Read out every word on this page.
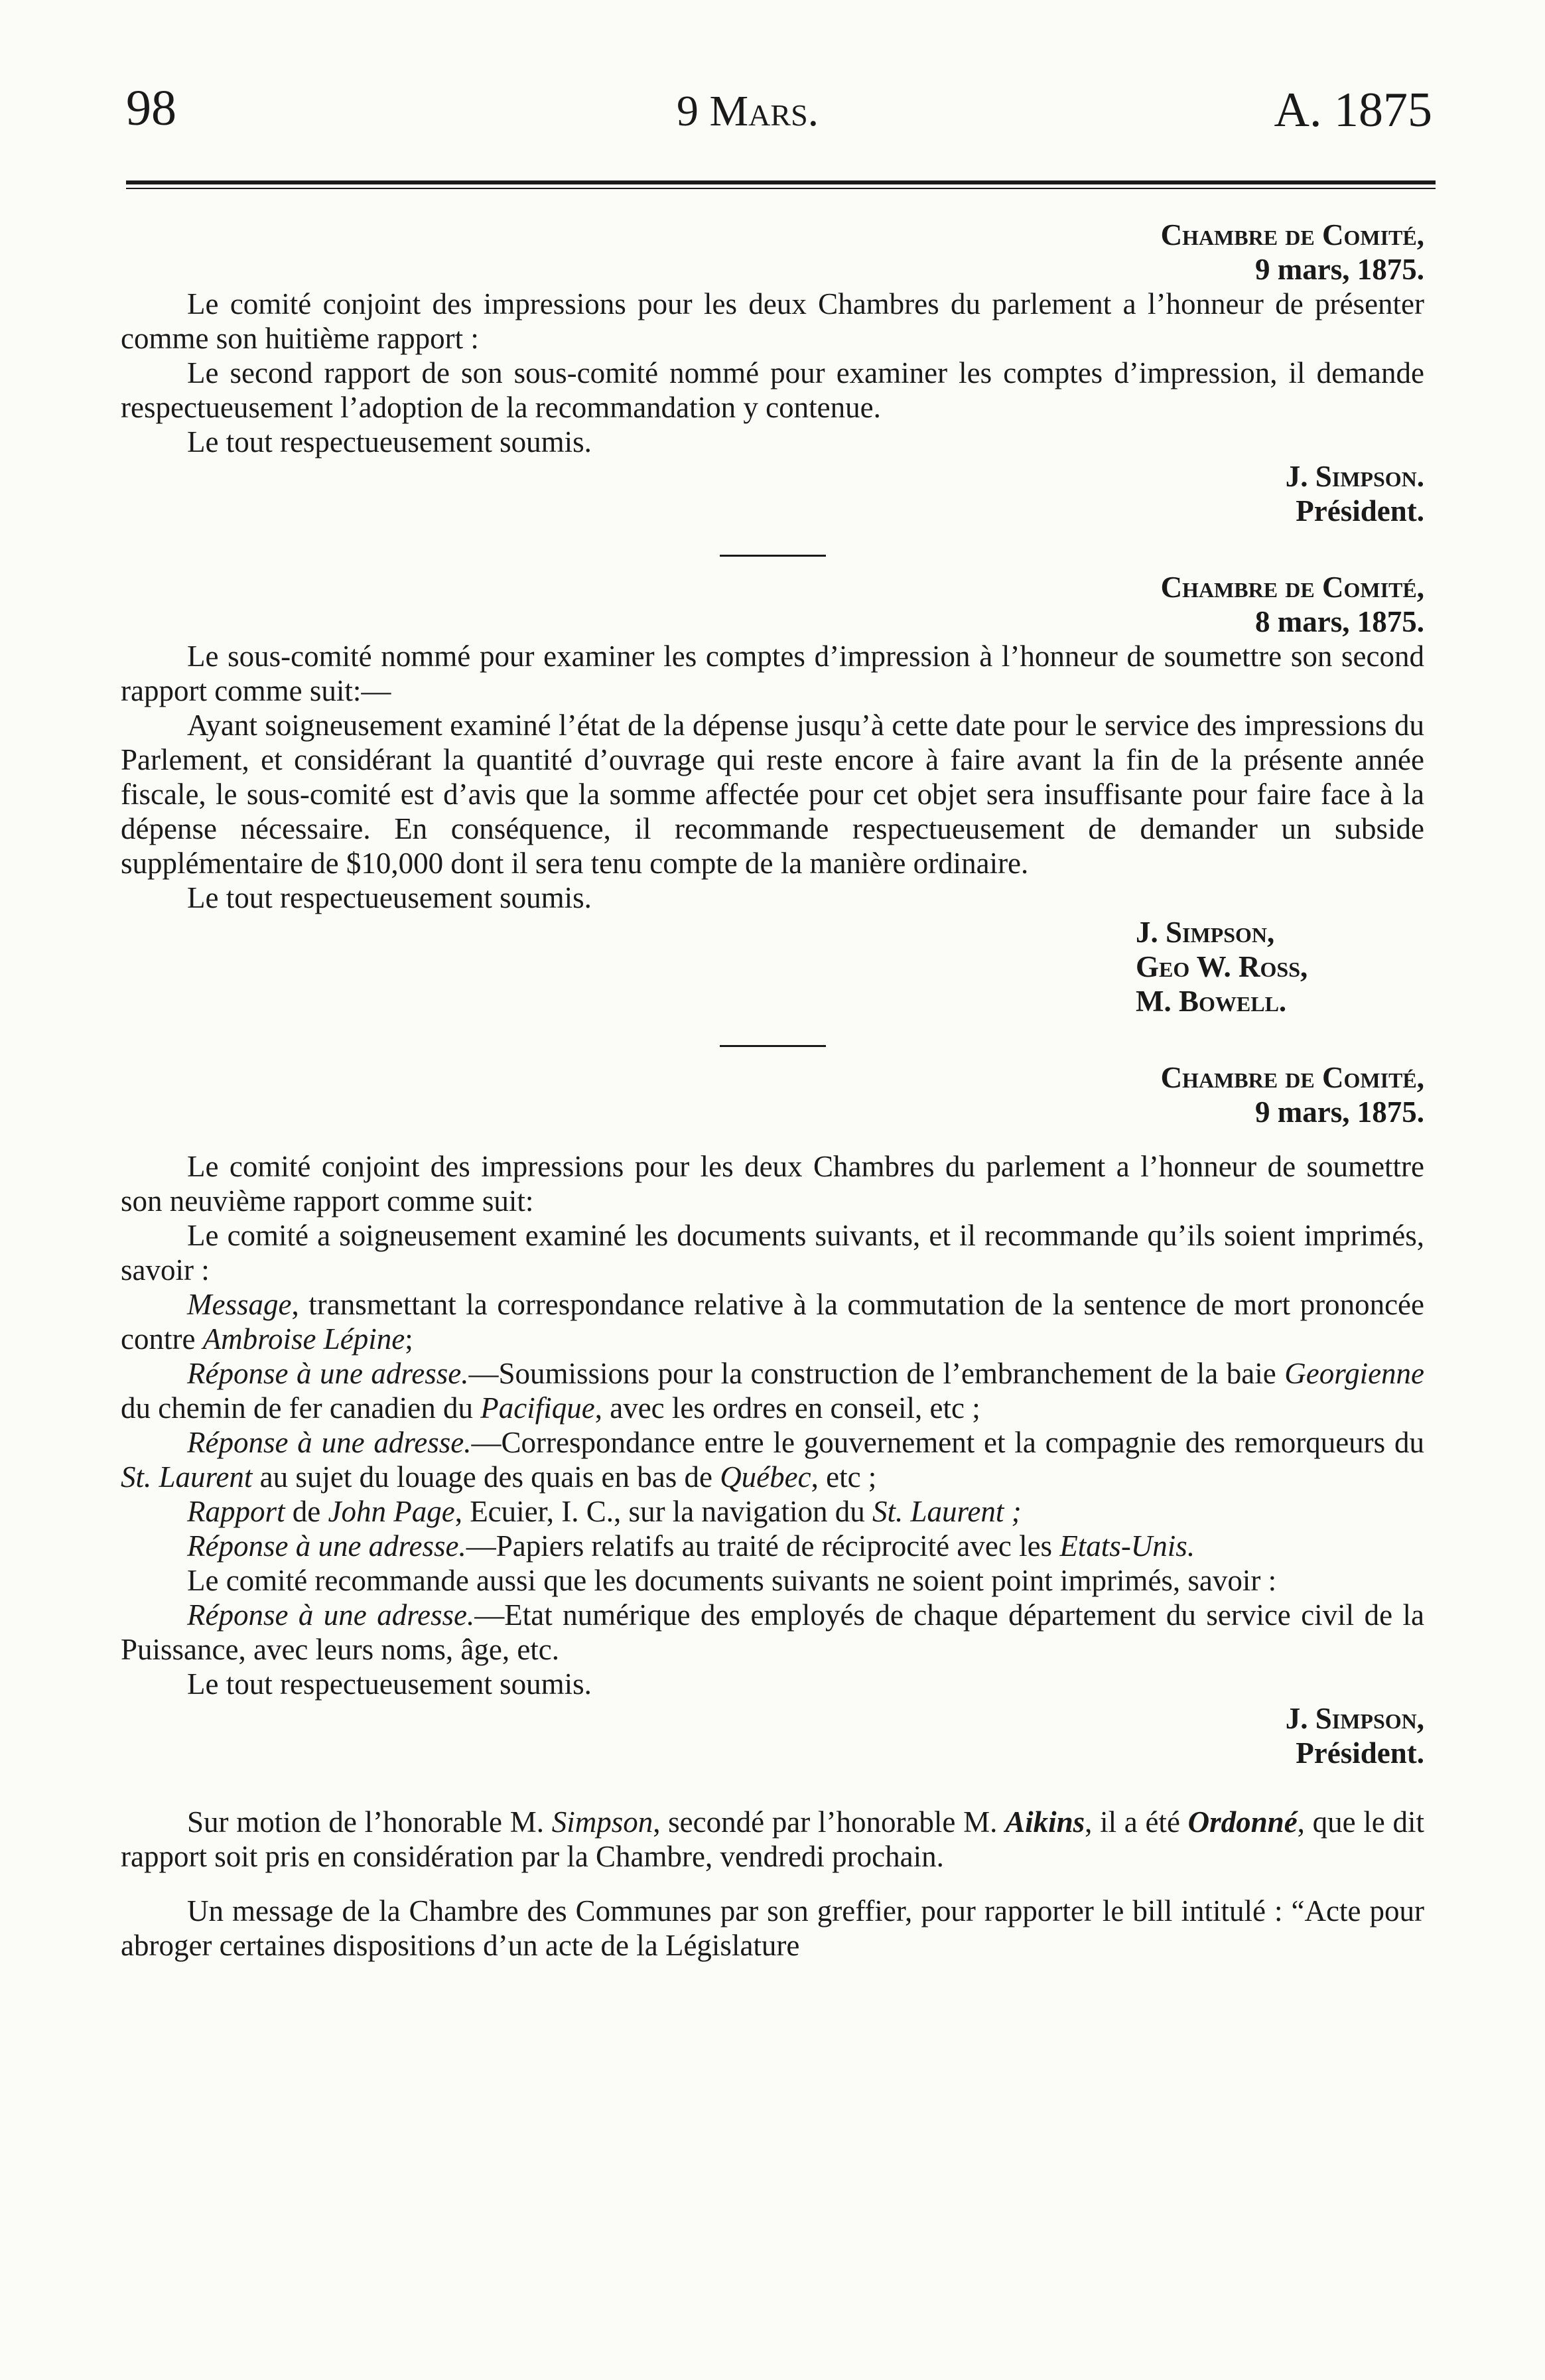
98	9 Mars.	A. 1875

Chambre de Comité,

9 mars, 1875.

Le comité conjoint des impressions pour les deux Chambres du parlement a l’honneur de présenter comme son huitième rapport :

Le second rapport de son sous-comité nommé pour examiner les comptes d’impression, il demande respectueusement l’adoption de la recommandation y contenue.

Le tout respectueusement soumis.

J. Simpson.

Président.

Chambre de Comité,

8 mars, 1875.

Le sous-comité nommé pour examiner les comptes d’impression à l’honneur de soumettre son second rapport comme suit:—

Ayant soigneusement examiné l’état de la dépense jusqu’à cette date pour le service des impressions du Parlement, et considérant la quantité d’ouvrage qui reste encore à faire avant la fin de la présente année fiscale, le sous-comité est d’avis que la somme affectée pour cet objet sera insuffisante pour faire face à la dépense nécessaire. En conséquence, il recommande respectueusement de demander un subside supplémentaire de $10,000 dont il sera tenu compte de la manière ordinaire.

Le tout respectueusement soumis.

J. Simpson,
Geo W. Ross,
M. Bowell.

Chambre de Comité,

9 mars, 1875.

Le comité conjoint des impressions pour les deux Chambres du parlement a l’honneur de soumettre son neuvième rapport comme suit:

Le comité a soigneusement examiné les documents suivants, et il recommande qu’ils soient imprimés, savoir :

Message, transmettant la correspondance relative à la commutation de la sentence de mort prononcée contre Ambroise Lépine;

Réponse à une adresse.—Soumissions pour la construction de l’embranchement de la baie Georgienne du chemin de fer canadien du Pacifique, avec les ordres en conseil, etc ;

Réponse à une adresse.—Correspondance entre le gouvernement et la compagnie des remorqueurs du St. Laurent au sujet du louage des quais en bas de Québec, etc ;

Rapport de John Page, Ecuier, I. C., sur la navigation du St. Laurent ;

Réponse à une adresse.—Papiers relatifs au traité de réciprocité avec les Etats-Unis.

Le comité recommande aussi que les documents suivants ne soient point imprimés, savoir :

Réponse à une adresse.—Etat numérique des employés de chaque département du service civil de la Puissance, avec leurs noms, âge, etc.

Le tout respectueusement soumis.

J. Simpson,

Président.

Sur motion de l’honorable M. Simpson, secondé par l’honorable M. Aikins, il a été Ordonné, que le dit rapport soit pris en considération par la Chambre, vendredi prochain.

Un message de la Chambre des Communes par son greffier, pour rapporter le bill intitulé : “Acte pour abroger certaines dispositions d’un acte de la Législature
